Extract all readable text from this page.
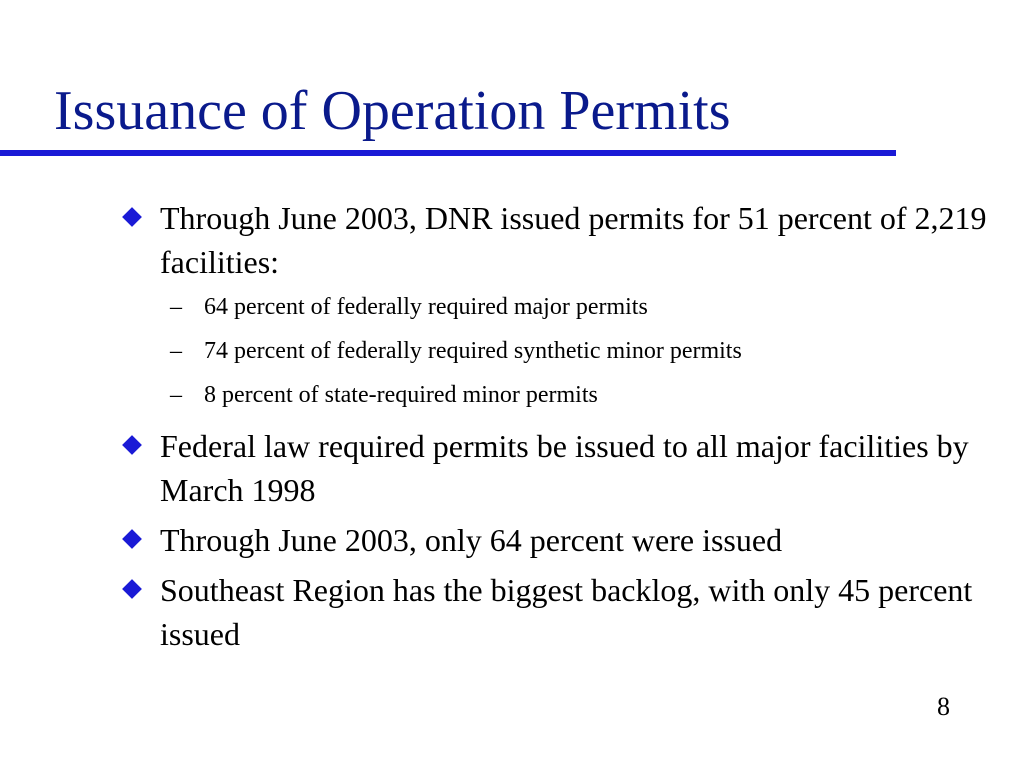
Issuance of Operation Permits
Through June 2003, DNR issued permits for 51 percent of 2,219 facilities:
– 64 percent of federally required major permits
– 74 percent of federally required synthetic minor permits
– 8 percent of state-required minor permits
Federal law required permits be issued to all major facilities by March 1998
Through June 2003, only 64 percent were issued
Southeast Region has the biggest backlog, with only 45 percent issued
8
